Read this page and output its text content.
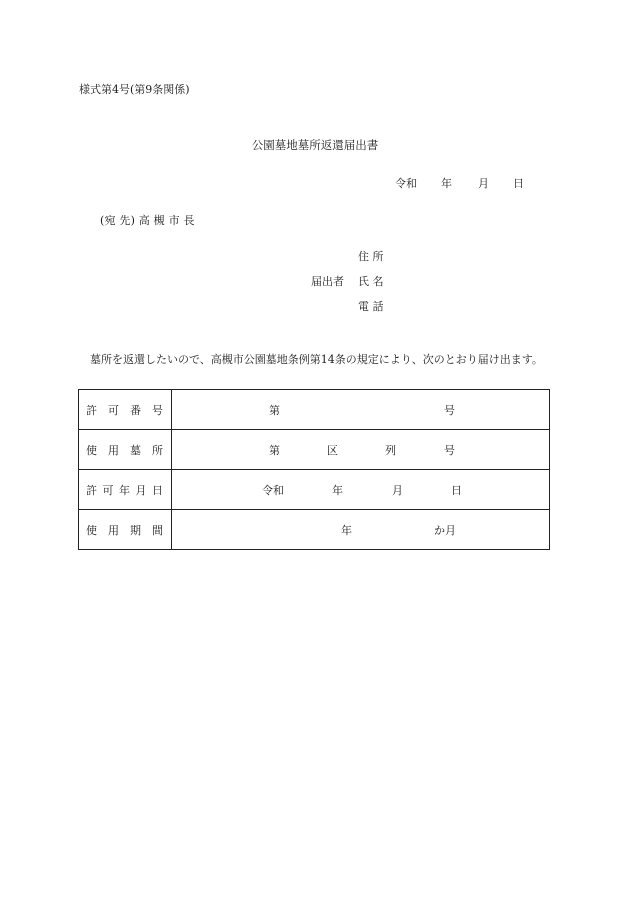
様式第4号(第9条関係)
公園墓地墓所返還届出書
令和 年 月 日
(宛 先) 高 槻 市 長
住 所
届出者 氏 名
電 話
墓所を返還したいので、高槻市公園墓地条例第14条の規定により、次のとおり届け出ます。
許可番号	第 号

使用墓所	第 区 列 号

許可年月日	令和 年 月 日

使用期間	年 か月
